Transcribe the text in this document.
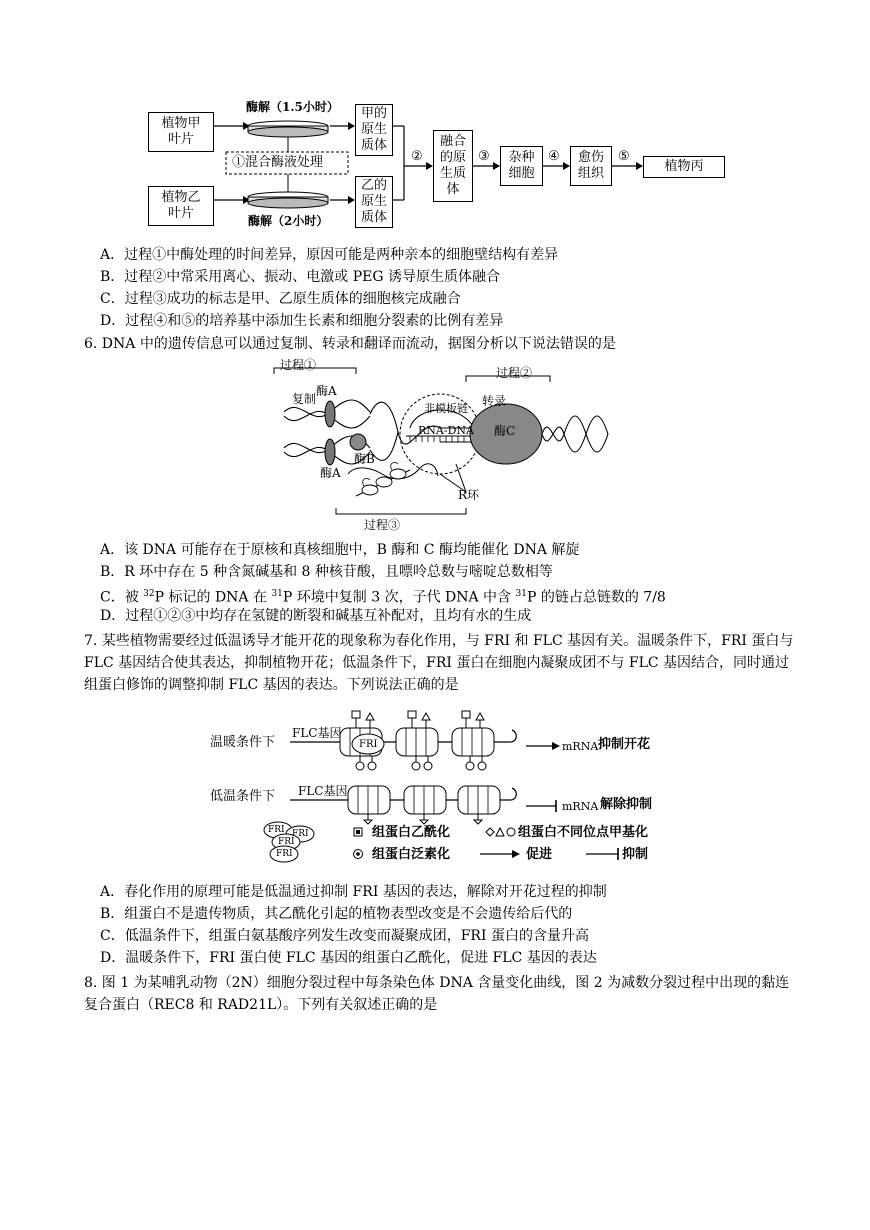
植物甲叶片
植物乙叶片
酶解（1.5小时）
酶解（2小时）
①混合酶液处理
甲的原生质体
乙的原生质体
②
融合的原生质体
③ 杂种细胞
④ 愈伤组织
⑤
植物丙
A．过程①中酶处理的时间差异，原因可能是两种亲本的细胞壁结构有差异
B．过程②中常采用离心、振动、电激或 PEG 诱导原生质体融合
C．过程③成功的标志是甲、乙原生质体的细胞核完成融合
D．过程④和⑤的培养基中添加生长素和细胞分裂素的比例有差异
6. DNA 中的遗传信息可以通过复制、转录和翻译而流动，据图分析以下说法错误的是
过程①
过程②
复制
酶A
酶B
酶A
非模板链
RNA-DNA
转录
酶C
R环
过程③
A．该 DNA 可能存在于原核和真核细胞中，B 酶和 C 酶均能催化 DNA 解旋
B．R 环中存在 5 种含氮碱基和 8 种核苷酸，且嘌呤总数与嘧啶总数相等
C．被 $^{32}$P 标记的 DNA 在 $^{31}$P 环境中复制 3 次，子代 DNA 中含 $^{31}$P 的链占总链数的 7/8
D．过程①②③中均存在氢键的断裂和碱基互补配对，且均有水的生成
7. 某些植物需要经过低温诱导才能开花的现象称为春化作用，与 FRI 和 FLC 基因有关。温暖条件下，FRI 蛋白与 FLC 基因结合使其表达，抑制植物开花；低温条件下，FRI 蛋白在细胞内凝聚成团不与 FLC 基因结合，同时通过组蛋白修饰的调整抑制 FLC 基因的表达。下列说法正确的是
温暖条件下
低温条件下
FLC基因
FLC基因
FRI	mRNA 抑制开花
mRNA 解除抑制
FRI FRI
FRI
FRI
组蛋白乙酰化
组蛋白泛素化
组蛋白不同位点甲基化
促进	抑制
A．春化作用的原理可能是低温通过抑制 FRI 基因的表达，解除对开花过程的抑制
B．组蛋白不是遗传物质，其乙酰化引起的植物表型改变是不会遗传给后代的
C．低温条件下，组蛋白氨基酸序列发生改变而凝聚成团，FRI 蛋白的含量升高
D．温暖条件下，FRI 蛋白使 FLC 基因的组蛋白乙酰化，促进 FLC 基因的表达
8. 图 1 为某哺乳动物（2N）细胞分裂过程中每条染色体 DNA 含量变化曲线，图 2 为减数分裂过程中出现的黏连复合蛋白（REC8 和 RAD21L）。下列有关叙述正确的是
